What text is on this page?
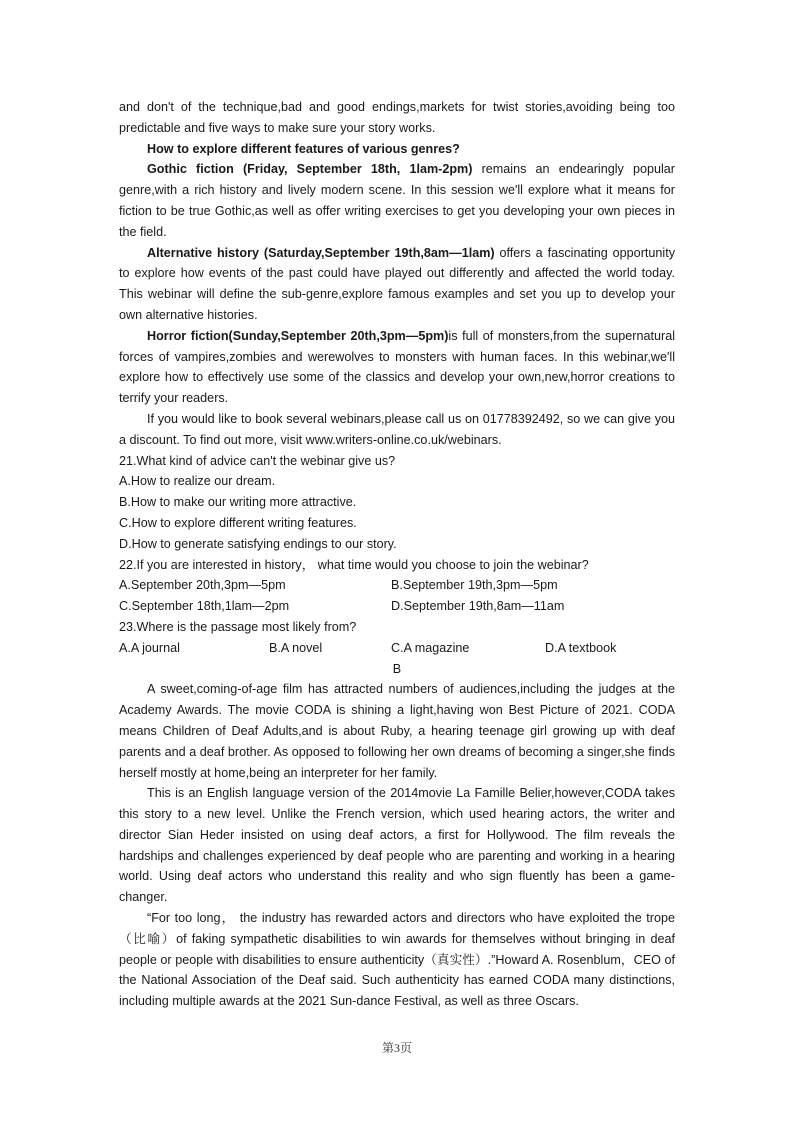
and don't of the technique,bad and good endings,markets for twist stories,avoiding being too predictable and five ways to make sure your story works.

How to explore different features of various genres?

Gothic fiction (Friday, September 18th, 1lam-2pm) remains an endearingly popular genre,with a rich history and lively modern scene. In this session we'll explore what it means for fiction to be true Gothic,as well as offer writing exercises to get you developing your own pieces in the field.

Alternative history (Saturday,September 19th,8am—1lam) offers a fascinating opportunity to explore how events of the past could have played out differently and affected the world today. This webinar will define the sub-genre,explore famous examples and set you up to develop your own alternative histories.

Horror fiction(Sunday,September 20th,3pm—5pm)is full of monsters,from the supernatural forces of vampires,zombies and werewolves to monsters with human faces. In this webinar,we'll explore how to effectively use some of the classics and develop your own,new,horror creations to terrify your readers.

If you would like to book several webinars,please call us on 01778392492, so we can give you a discount. To find out more, visit www.writers-online.co.uk/webinars.

21.What kind of advice can't the webinar give us?

A.How to realize our dream.

B.How to make our writing more attractive.

C.How to explore different writing features.

D.How to generate satisfying endings to our story.

22.If you are interested in history， what time would you choose to join the webinar?

A.September 20th,3pm—5pm	B.September 19th,3pm—5pm
C.September 18th,1lam—2pm	D.September 19th,8am—11am

23.Where is the passage most likely from?

A.A journal	B.A novel	C.A magazine	D.A textbook

B

A sweet,coming-of-age film has attracted numbers of audiences,including the judges at the Academy Awards. The movie CODA is shining a light,having won Best Picture of 2021. CODA means Children of Deaf Adults,and is about Ruby, a hearing teenage girl growing up with deaf parents and a deaf brother. As opposed to following her own dreams of becoming a singer,she finds herself mostly at home,being an interpreter for her family.

This is an English language version of the 2014movie La Famille Belier,however,CODA takes this story to a new level. Unlike the French version, which used hearing actors, the writer and director Sian Heder insisted on using deaf actors, a first for Hollywood. The film reveals the hardships and challenges experienced by deaf people who are parenting and working in a hearing world. Using deaf actors who understand this reality and who sign fluently has been a game-changer.

“For too long， the industry has rewarded actors and directors who have exploited the trope（比喻）of faking sympathetic disabilities to win awards for themselves without bringing in deaf people or people with disabilities to ensure authenticity（真实性）.”Howard A. Rosenblum，CEO of the National Association of the Deaf said. Such authenticity has earned CODA many distinctions, including multiple awards at the 2021 Sun-dance Festival, as well as three Oscars.

第3页
